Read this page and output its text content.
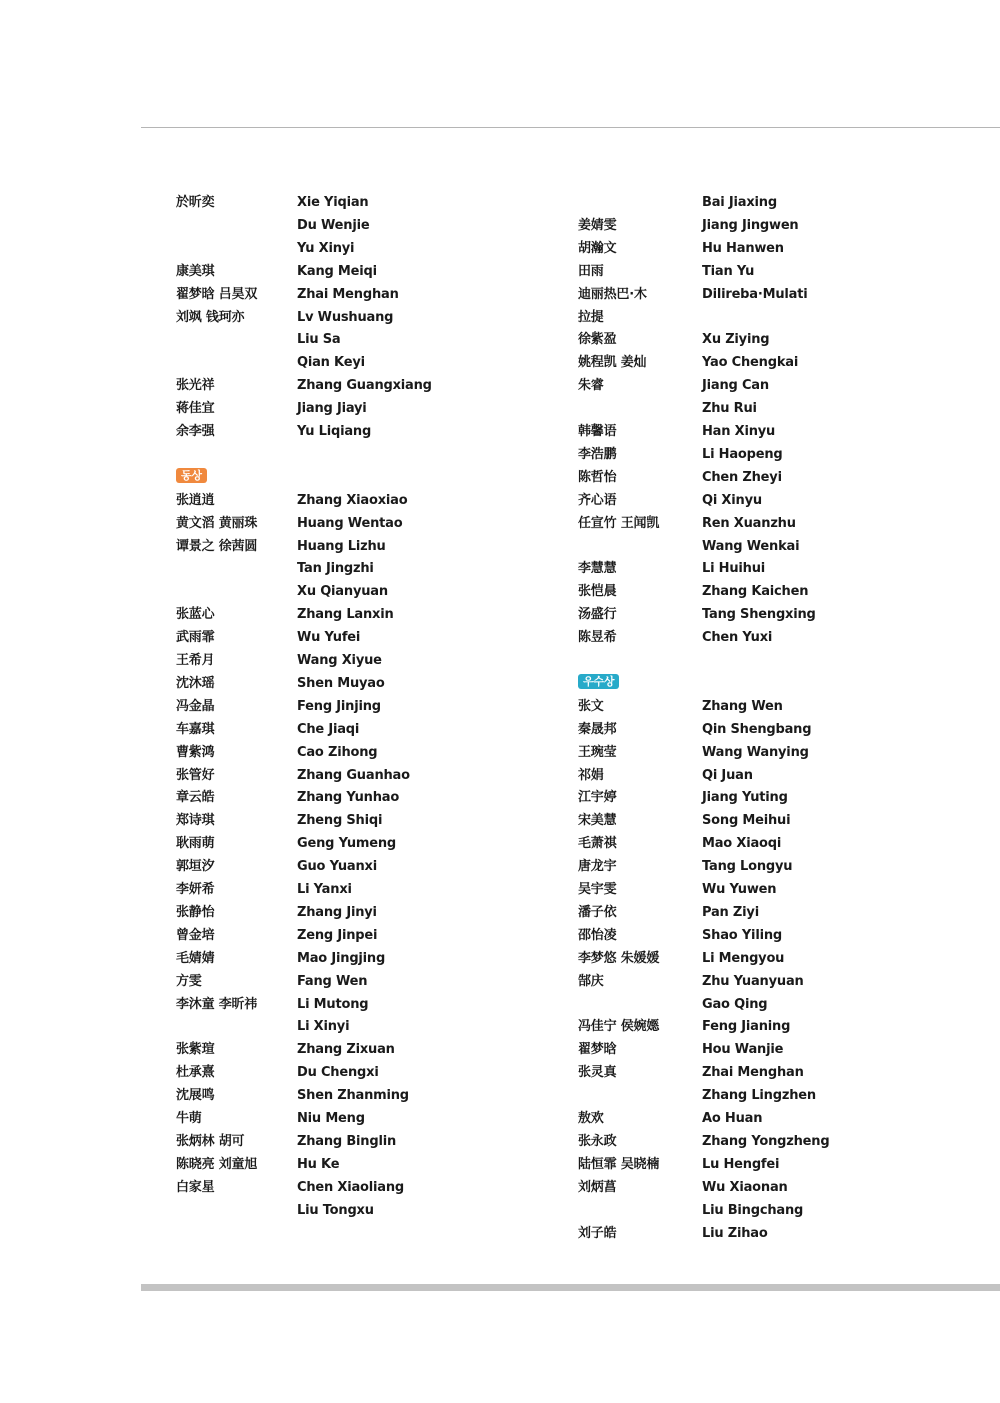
於昕奕
康美琪
翟梦晗 吕昊双
刘飒 钱珂亦
张光祥
蒋佳宜
余李强
张逍逍
黄文滔 黄丽珠
谭景之 徐茜圆
张蓝心
武雨霏
王希月
沈沐瑶
冯金晶
车嘉琪
曹紫鸿
张管好
章云皓
郑诗琪
耿雨萌
郭垣汐
李妍希
张静怡
曾金培
毛婧婧
方雯
李沐童 李昕祎
张紫瑄
杜承熹
沈展鸣
牛萌
张炳林 胡可
陈晓亮 刘童旭
白家星
동상
Xie Yiqian
Du Wenjie
Yu Xinyi
Kang Meiqi
Zhai Menghan
Lv Wushuang
Liu Sa
Qian Keyi
Zhang Guangxiang
Jiang Jiayi
Yu Liqiang
Zhang Xiaoxiao
Huang Wentao
Huang Lizhu
Tan Jingzhi
Xu Qianyuan
Zhang Lanxin
Wu Yufei
Wang Xiyue
Shen Muyao
Feng Jinjing
Che Jiaqi
Cao Zihong
Zhang Guanhao
Zhang Yunhao
Zheng Shiqi
Geng Yumeng
Guo Yuanxi
Li Yanxi
Zhang Jinyi
Zeng Jinpei
Mao Jingjing
Fang Wen
Li Mutong
Li Xinyi
Zhang Zixuan
Du Chengxi
Shen Zhanming
Niu Meng
Zhang Binglin
Hu Ke
Chen Xiaoliang
Liu Tongxu
姜婧雯
胡瀚文
田雨
迪丽热巴·木
拉提
徐紫盈
姚程凯 姜灿
朱睿
韩馨语
李浩鹏
陈哲怡
齐心语
任宣竹 王闻凯
李慧慧
张恺晨
汤盛行
陈昱希
张文
秦晟邦
王琬莹
祁娟
江宇婷
宋美慧
毛萧祺
唐龙宇
吴宇雯
潘子依
邵怡凌
李梦悠 朱媛媛
郜庆
冯佳宁 侯婉嫕
翟梦晗
张灵真
敖欢
张永政
陆恒霏 吴晓楠
刘炳菖
刘子皓
우수상
Bai Jiaxing
Jiang Jingwen
Hu Hanwen
Tian Yu
Dilireba·Mulati
Xu Ziying
Yao Chengkai
Jiang Can
Zhu Rui
Han Xinyu
Li Haopeng
Chen Zheyi
Qi Xinyu
Ren Xuanzhu
Wang Wenkai
Li Huihui
Zhang Kaichen
Tang Shengxing
Chen Yuxi
Zhang Wen
Qin Shengbang
Wang Wanying
Qi Juan
Jiang Yuting
Song Meihui
Mao Xiaoqi
Tang Longyu
Wu Yuwen
Pan Ziyi
Shao Yiling
Li Mengyou
Zhu Yuanyuan
Gao Qing
Feng Jianing
Hou Wanjie
Zhai Menghan
Zhang Lingzhen
Ao Huan
Zhang Yongzheng
Lu Hengfei
Wu Xiaonan
Liu Bingchang
Liu Zihao
